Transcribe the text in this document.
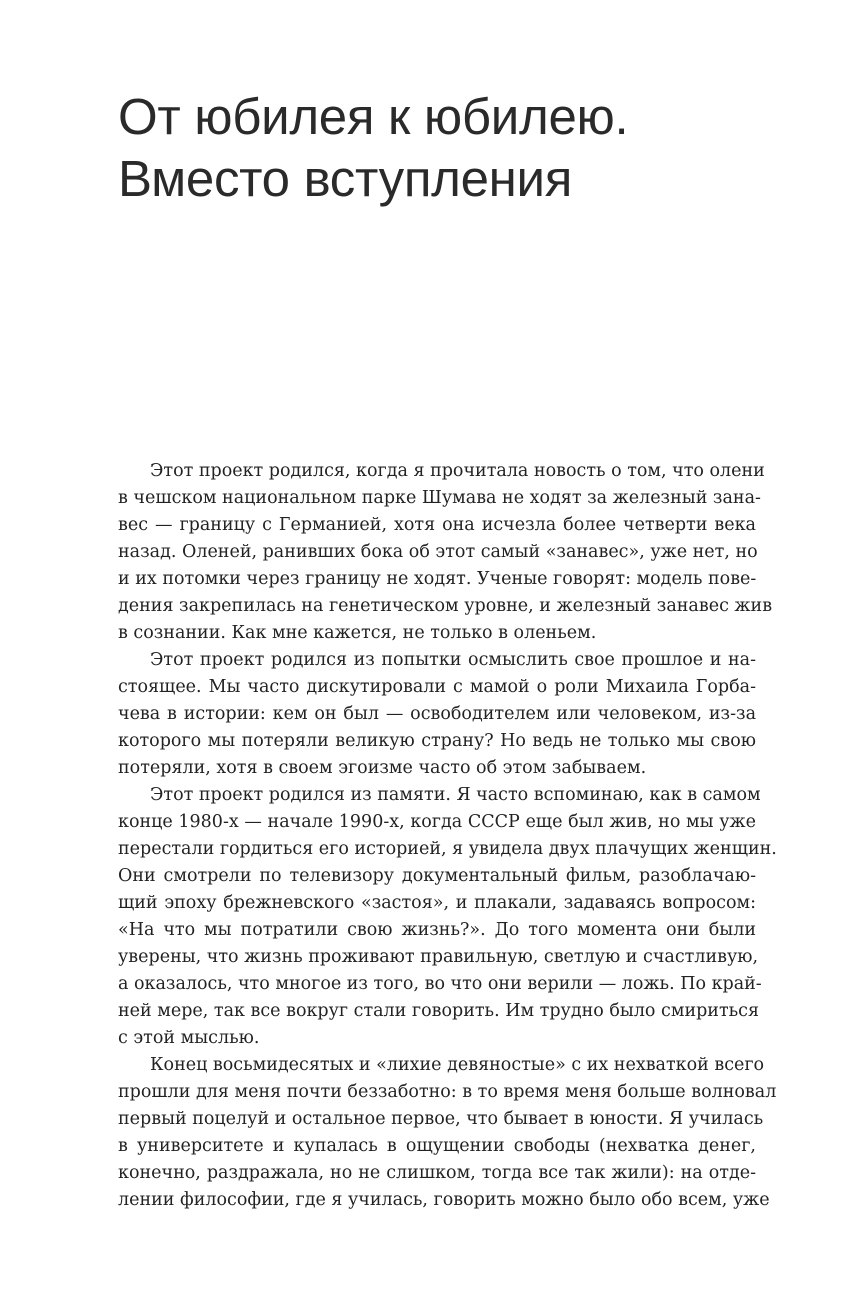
От юбилея к юбилею.
Вместо вступления

Этот проект родился, когда я прочитала новость о том, что олени
в чешском национальном парке Шумава не ходят за железный зана-
вес — границу с Германией, хотя она исчезла более четверти века
назад. Оленей, ранивших бока об этот самый «занавес», уже нет, но
и их потомки через границу не ходят. Ученые говорят: модель пове-
дения закрепилась на генетическом уровне, и железный занавес жив
в сознании. Как мне кажется, не только в оленьем.

Этот проект родился из попытки осмыслить свое прошлое и на-
стоящее. Мы часто дискутировали с мамой о роли Михаила Горба-
чева в истории: кем он был — освободителем или человеком, из-за
которого мы потеряли великую страну? Но ведь не только мы свою
потеряли, хотя в своем эгоизме часто об этом забываем.

Этот проект родился из памяти. Я часто вспоминаю, как в самом
конце 1980-х — начале 1990-х, когда СССР еще был жив, но мы уже
перестали гордиться его историей, я увидела двух плачущих женщин.
Они смотрели по телевизору документальный фильм, разоблачаю-
щий эпоху брежневского «застоя», и плакали, задаваясь вопросом:
«На что мы потратили свою жизнь?». До того момента они были
уверены, что жизнь проживают правильную, светлую и счастливую,
а оказалось, что многое из того, во что они верили — ложь. По край-
ней мере, так все вокруг стали говорить. Им трудно было смириться
с этой мыслью.

Конец восьмидесятых и «лихие девяностые» с их нехваткой всего
прошли для меня почти беззаботно: в то время меня больше волновал
первый поцелуй и остальное первое, что бывает в юности. Я училась
в университете и купалась в ощущении свободы (нехватка денег,
конечно, раздражала, но не слишком, тогда все так жили): на отде-
лении философии, где я училась, говорить можно было обо всем, уже
